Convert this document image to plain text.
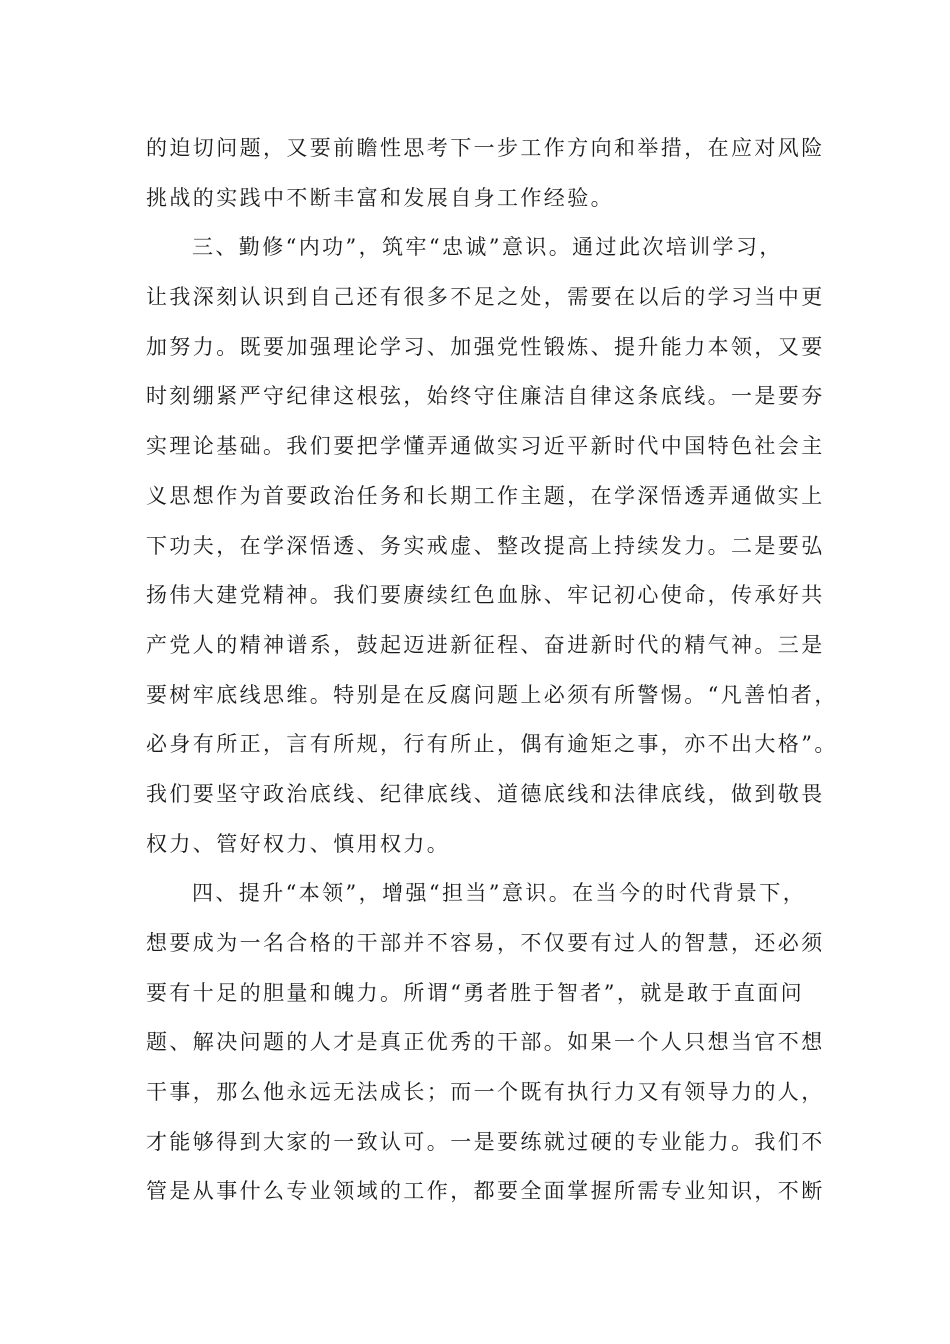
的迫切问题，又要前瞻性思考下一步工作方向和举措，在应对风险
挑战的实践中不断丰富和发展自身工作经验。
三、勤修“内功”，筑牢“忠诚”意识。通过此次培训学习，
让我深刻认识到自己还有很多不足之处，需要在以后的学习当中更
加努力。既要加强理论学习、加强党性锻炼、提升能力本领，又要
时刻绷紧严守纪律这根弦，始终守住廉洁自律这条底线。一是要夯
实理论基础。我们要把学懂弄通做实习近平新时代中国特色社会主
义思想作为首要政治任务和长期工作主题，在学深悟透弄通做实上
下功夫，在学深悟透、务实戒虚、整改提高上持续发力。二是要弘
扬伟大建党精神。我们要赓续红色血脉、牢记初心使命，传承好共
产党人的精神谱系，鼓起迈进新征程、奋进新时代的精气神。三是
要树牢底线思维。特别是在反腐问题上必须有所警惕。“凡善怕者，
必身有所正，言有所规，行有所止，偶有逾矩之事，亦不出大格”。
我们要坚守政治底线、纪律底线、道德底线和法律底线，做到敬畏
权力、管好权力、慎用权力。
四、提升“本领”，增强“担当”意识。在当今的时代背景下，
想要成为一名合格的干部并不容易，不仅要有过人的智慧，还必须
要有十足的胆量和魄力。所谓“勇者胜于智者”，就是敢于直面问
题、解决问题的人才是真正优秀的干部。如果一个人只想当官不想
干事，那么他永远无法成长；而一个既有执行力又有领导力的人，
才能够得到大家的一致认可。一是要练就过硬的专业能力。我们不
管是从事什么专业领域的工作，都要全面掌握所需专业知识，不断
